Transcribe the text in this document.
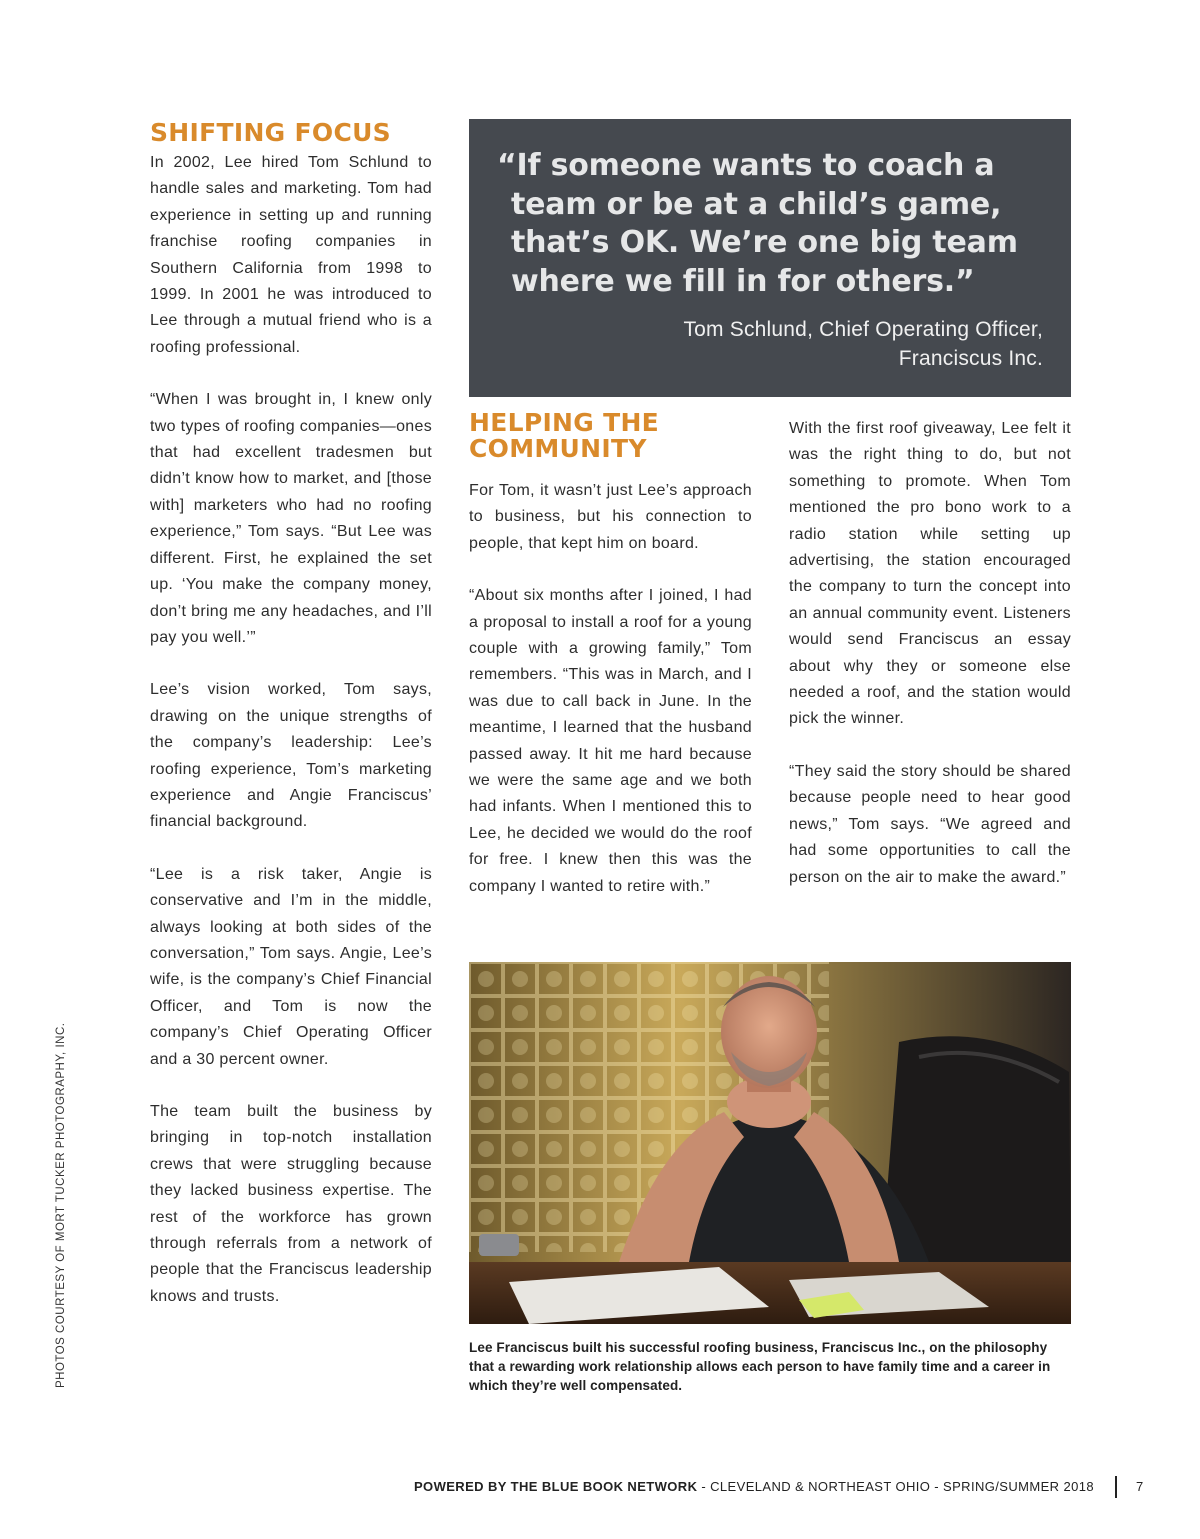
SHIFTING FOCUS

In 2002, Lee hired Tom Schlund to handle sales and marketing. Tom had experience in setting up and running franchise roofing companies in Southern California from 1998 to 1999. In 2001 he was introduced to Lee through a mutual friend who is a roofing professional.

“When I was brought in, I knew only two types of roofing companies—ones that had excellent tradesmen but didn’t know how to market, and [those with] marketers who had no roofing experience,” Tom says. “But Lee was different. First, he explained the set up. ‘You make the company money, don’t bring me any headaches, and I’ll pay you well.’”

Lee’s vision worked, Tom says, drawing on the unique strengths of the company’s leadership: Lee’s roofing experience, Tom’s marketing experience and Angie Franciscus’ financial background.

“Lee is a risk taker, Angie is conservative and I’m in the middle, always looking at both sides of the conversation,” Tom says. Angie, Lee’s wife, is the company’s Chief Financial Officer, and Tom is now the company’s Chief Operating Officer and a 30 percent owner.

The team built the business by bringing in top-notch installation crews that were struggling because they lacked business expertise. The rest of the workforce has grown through referrals from a network of people that the Franciscus leadership knows and trusts.

“If someone wants to coach a team or be at a child’s game, that’s OK. We’re one big team where we fill in for others.”

Tom Schlund, Chief Operating Officer,
Franciscus Inc.
HELPING THE
COMMUNITY

For Tom, it wasn’t just Lee’s approach to business, but his connection to people, that kept him on board.

“About six months after I joined, I had a proposal to install a roof for a young couple with a growing family,” Tom remembers. “This was in March, and I was due to call back in June. In the meantime, I learned that the husband passed away. It hit me hard because we were the same age and we both had infants. When I mentioned this to Lee, he decided we would do the roof for free. I knew then this was the company I wanted to retire with.”

With the first roof giveaway, Lee felt it was the right thing to do, but not something to promote. When Tom mentioned the pro bono work to a radio station while setting up advertising, the station encouraged the company to turn the concept into an annual community event. Listeners would send Franciscus an essay about why they or someone else needed a roof, and the station would pick the winner.

“They said the story should be shared because people need to hear good news,” Tom says. “We agreed and had some opportunities to call the person on the air to make the award.”

Lee Franciscus built his successful roofing business, Franciscus Inc., on the philosophy that a rewarding work relationship allows each person to have family time and a career in which they’re well compensated.
PHOTOS COURTESY OF MORT TUCKER PHOTOGRAPHY, INC.
POWERED BY THE BLUE BOOK NETWORK - CLEVELAND & NORTHEAST OHIO - SPRING/SUMMER 2018	7
